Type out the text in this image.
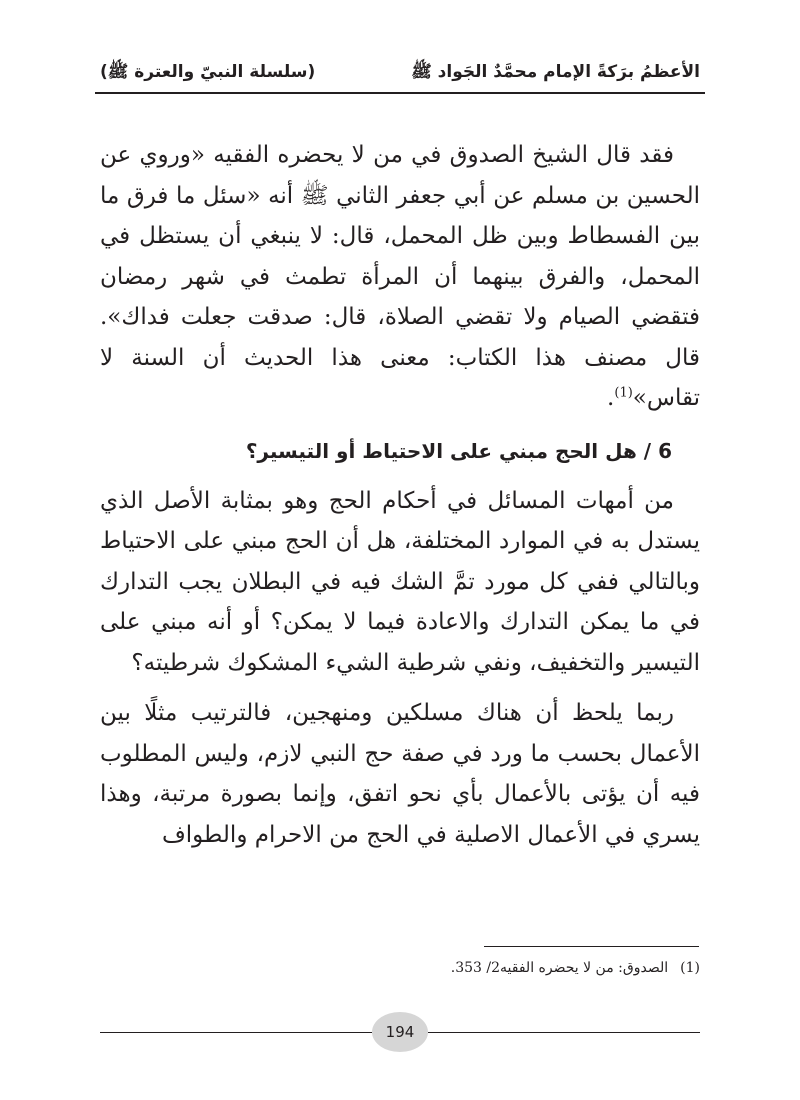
(سلسلة النبيّ والعترة ﷺ)	الأعظمُ برَكةً الإمام محمَّدٌ الجَواد ﷺ

فقد قال الشيخ الصدوق في من لا يحضره الفقيه «وروي عن الحسين بن مسلم عن أبي جعفر الثاني ﷺ أنه «سئل ما فرق ما بين الفسطاط وبين ظل المحمل، قال: لا ينبغي أن يستظل في المحمل، والفرق بينهما أن المرأة تطمث في شهر رمضان فتقضي الصيام ولا تقضي الصلاة، قال: صدقت جعلت فداك». قال مصنف هذا الكتاب: معنى هذا الحديث أن السنة لا تقاس»$^{(1)}$.

6 / هل الحج مبني على الاحتياط أو التيسير؟

من أمهات المسائل في أحكام الحج وهو بمثابة الأصل الذي يستدل به في الموارد المختلفة، هل أن الحج مبني على الاحتياط وبالتالي ففي كل مورد تمَّ الشك فيه في البطلان يجب التدارك في ما يمكن التدارك والاعادة فيما لا يمكن؟ أو أنه مبني على التيسير والتخفيف، ونفي شرطية الشيء المشكوك شرطيته؟

ربما يلحظ أن هناك مسلكين ومنهجين، فالترتيب مثلًا بين الأعمال بحسب ما ورد في صفة حج النبي لازم، وليس المطلوب فيه أن يؤتى بالأعمال بأي نحو اتفق، وإنما بصورة مرتبة، وهذا يسري في الأعمال الاصلية في الحج من الاحرام والطواف

(1)الصدوق: من لا يحضره الفقيه2/ 353.
194
